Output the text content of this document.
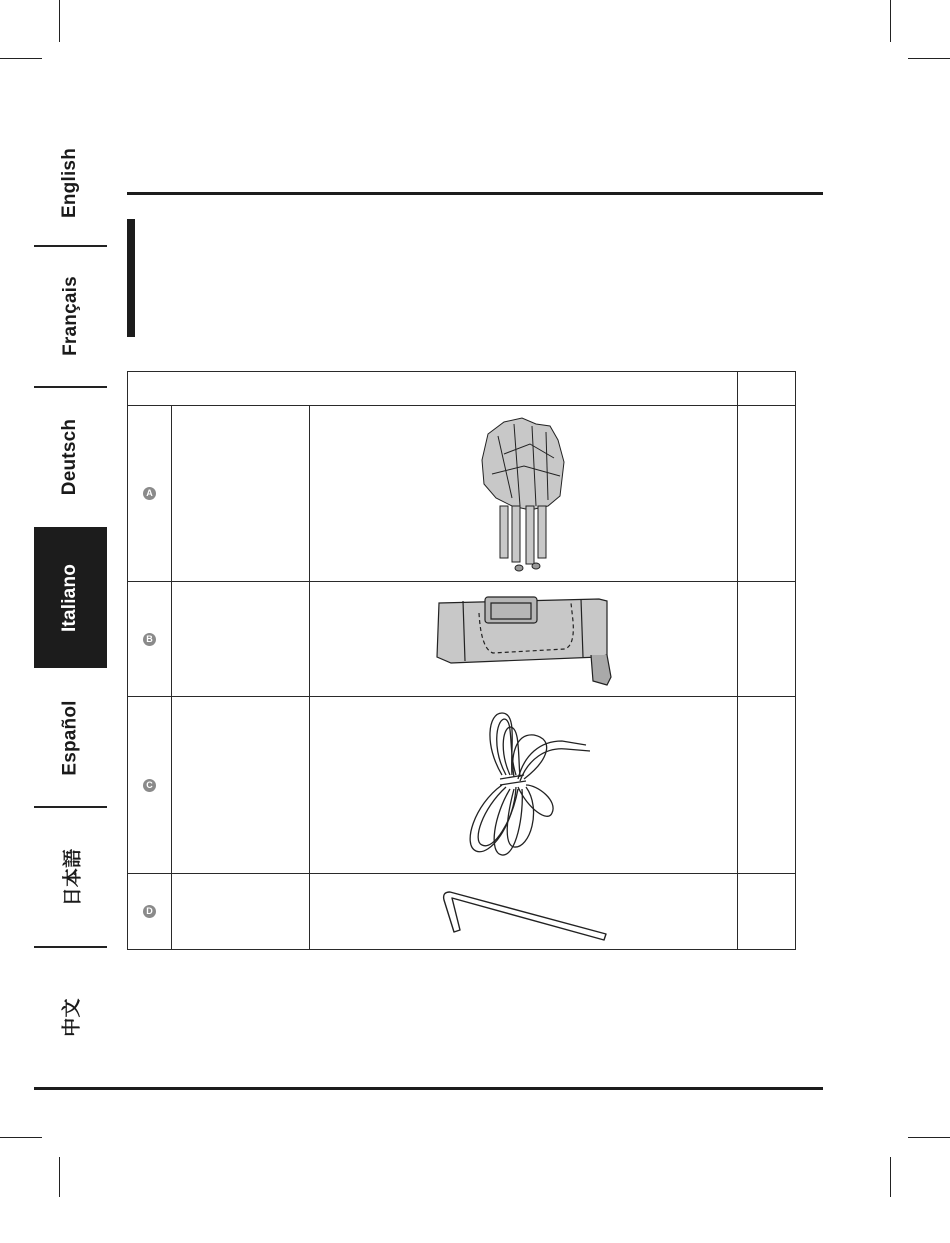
English
Français
Deutsch
Italiano
Español
日本語
中文

A

B

C

D
